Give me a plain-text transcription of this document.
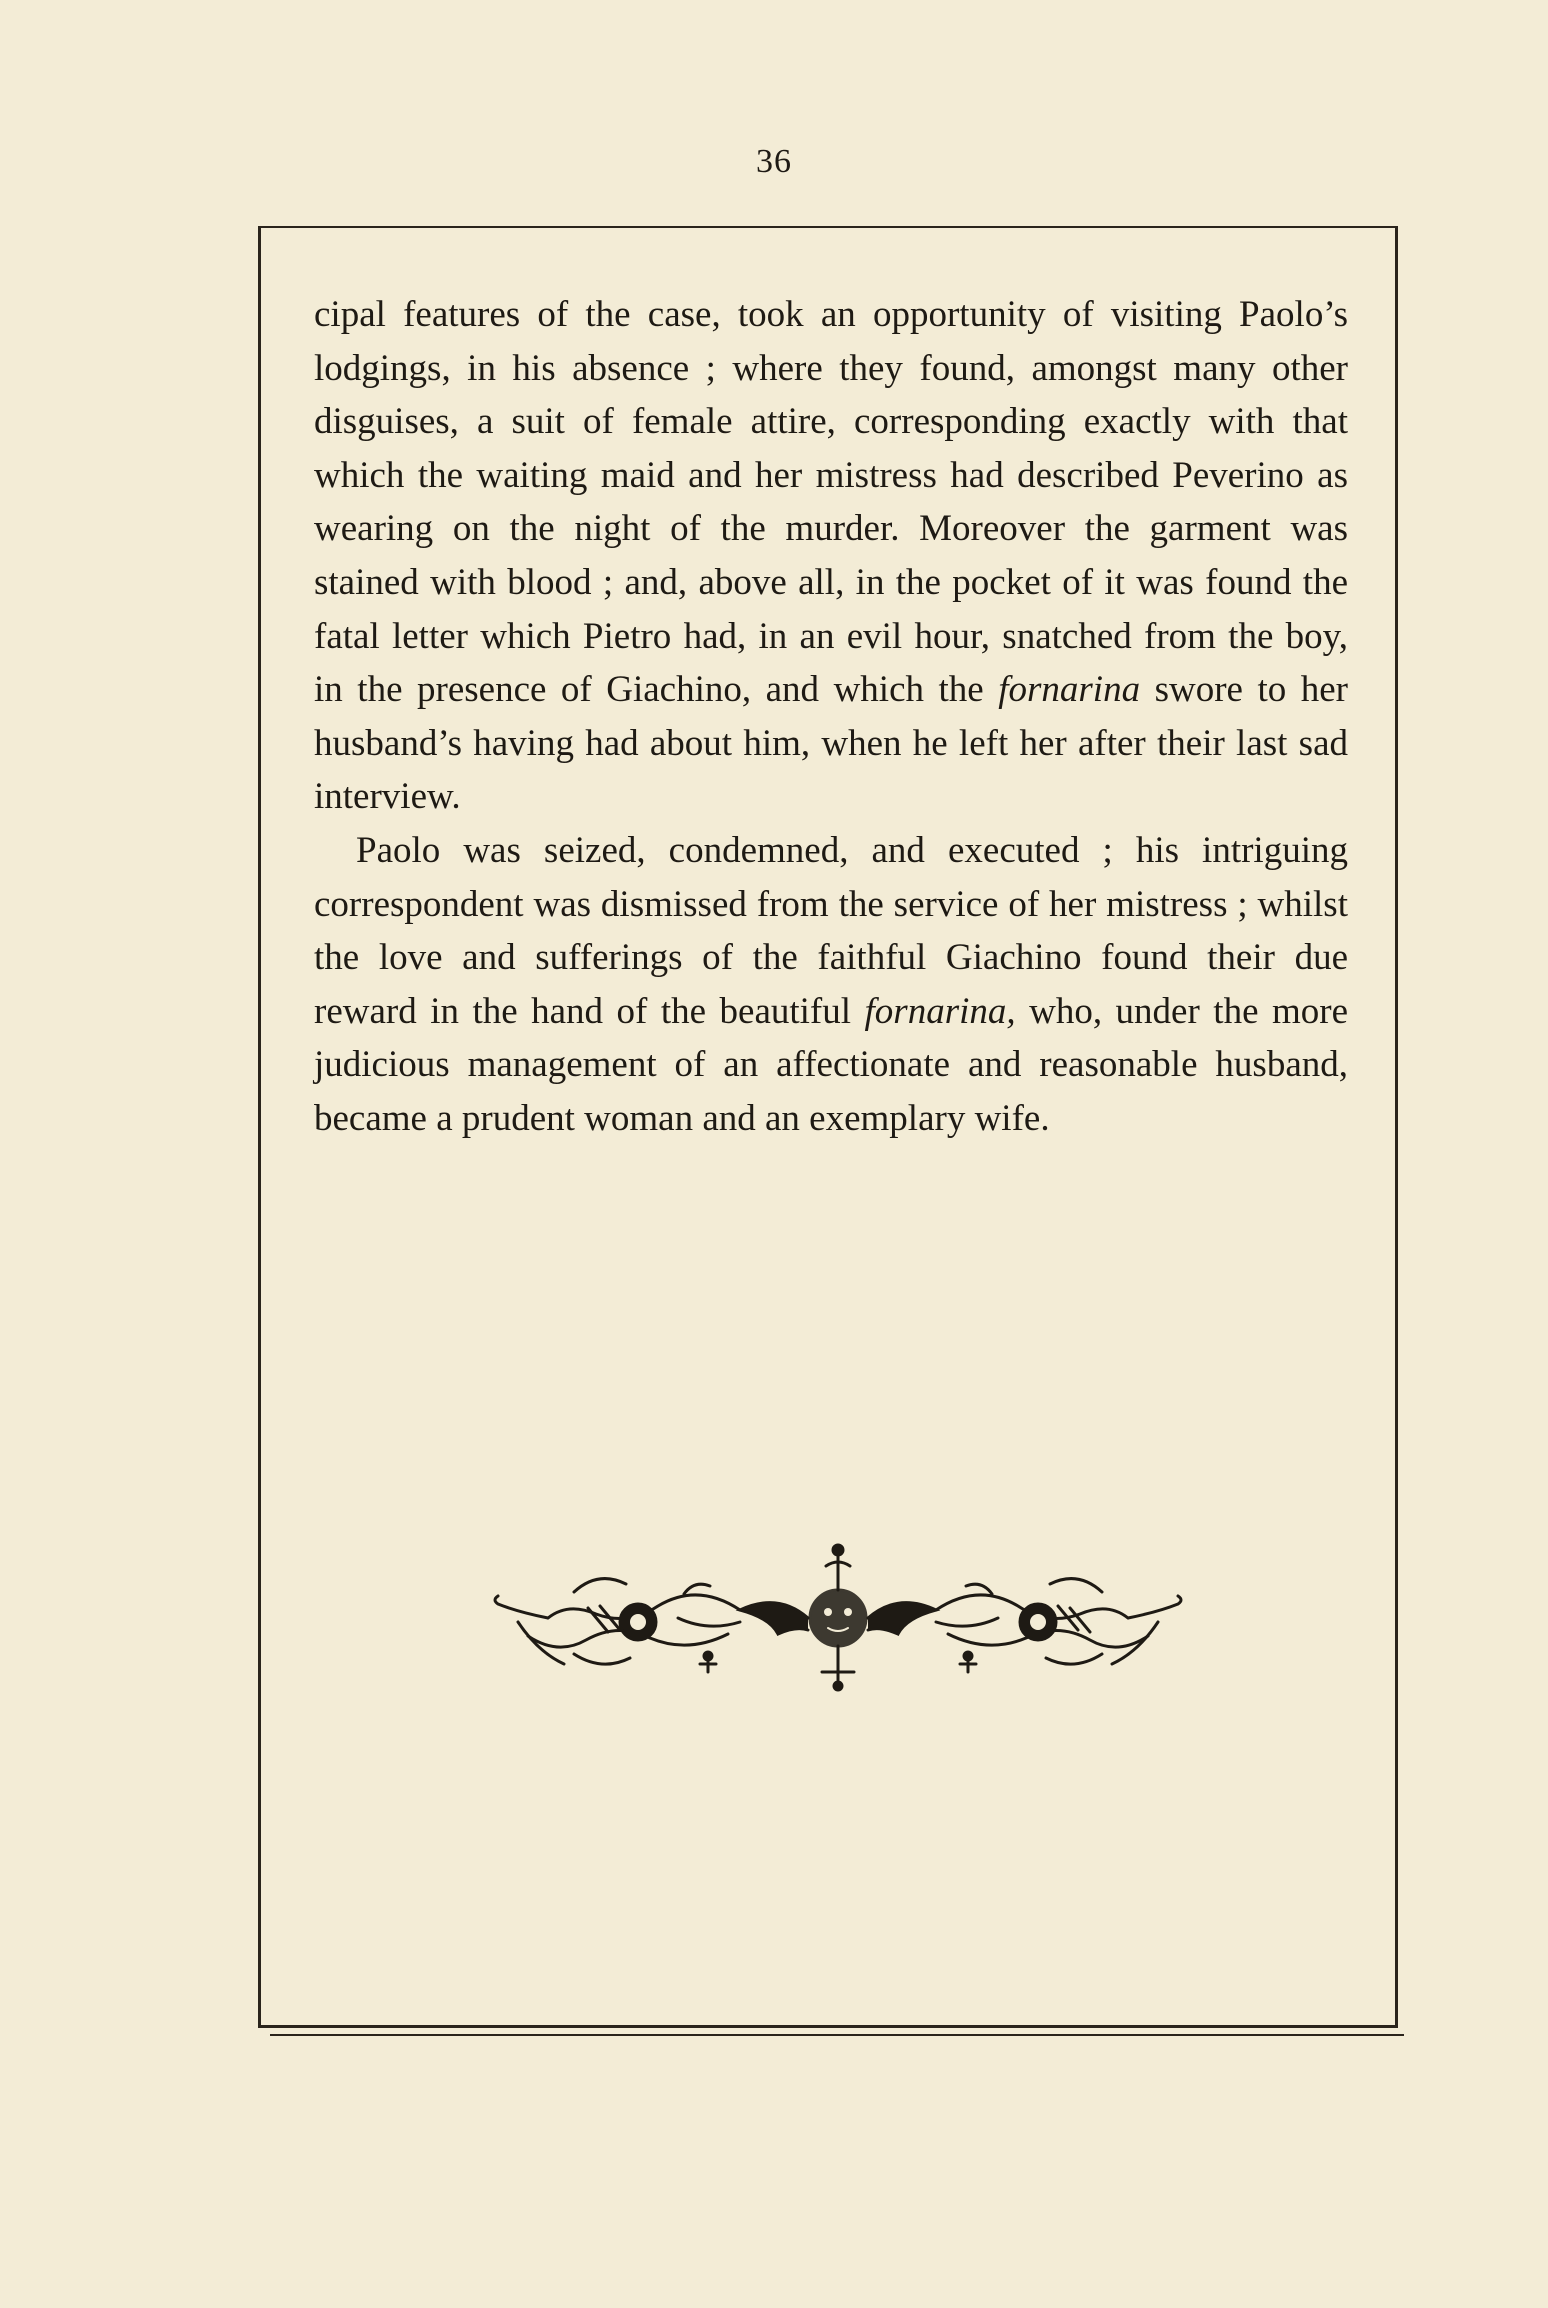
36

cipal features of the case, took an opportunity of visiting Paolo’s lodgings, in his absence ; where they found, amongst many other disguises, a suit of female attire, corresponding exactly with that which the waiting maid and her mistress had described Peverino as wearing on the night of the murder. Moreover the garment was stained with blood ; and, above all, in the pocket of it was found the fatal letter which Pietro had, in an evil hour, snatched from the boy, in the presence of Giachino, and which the fornarina swore to her husband’s having had about him, when he left her after their last sad interview.

Paolo was seized, condemned, and executed ; his intriguing correspondent was dismissed from the service of her mistress ; whilst the love and sufferings of the faithful Giachino found their due reward in the hand of the beautiful fornarina, who, under the more judicious management of an affectionate and reasonable husband, became a prudent woman and an exemplary wife.
